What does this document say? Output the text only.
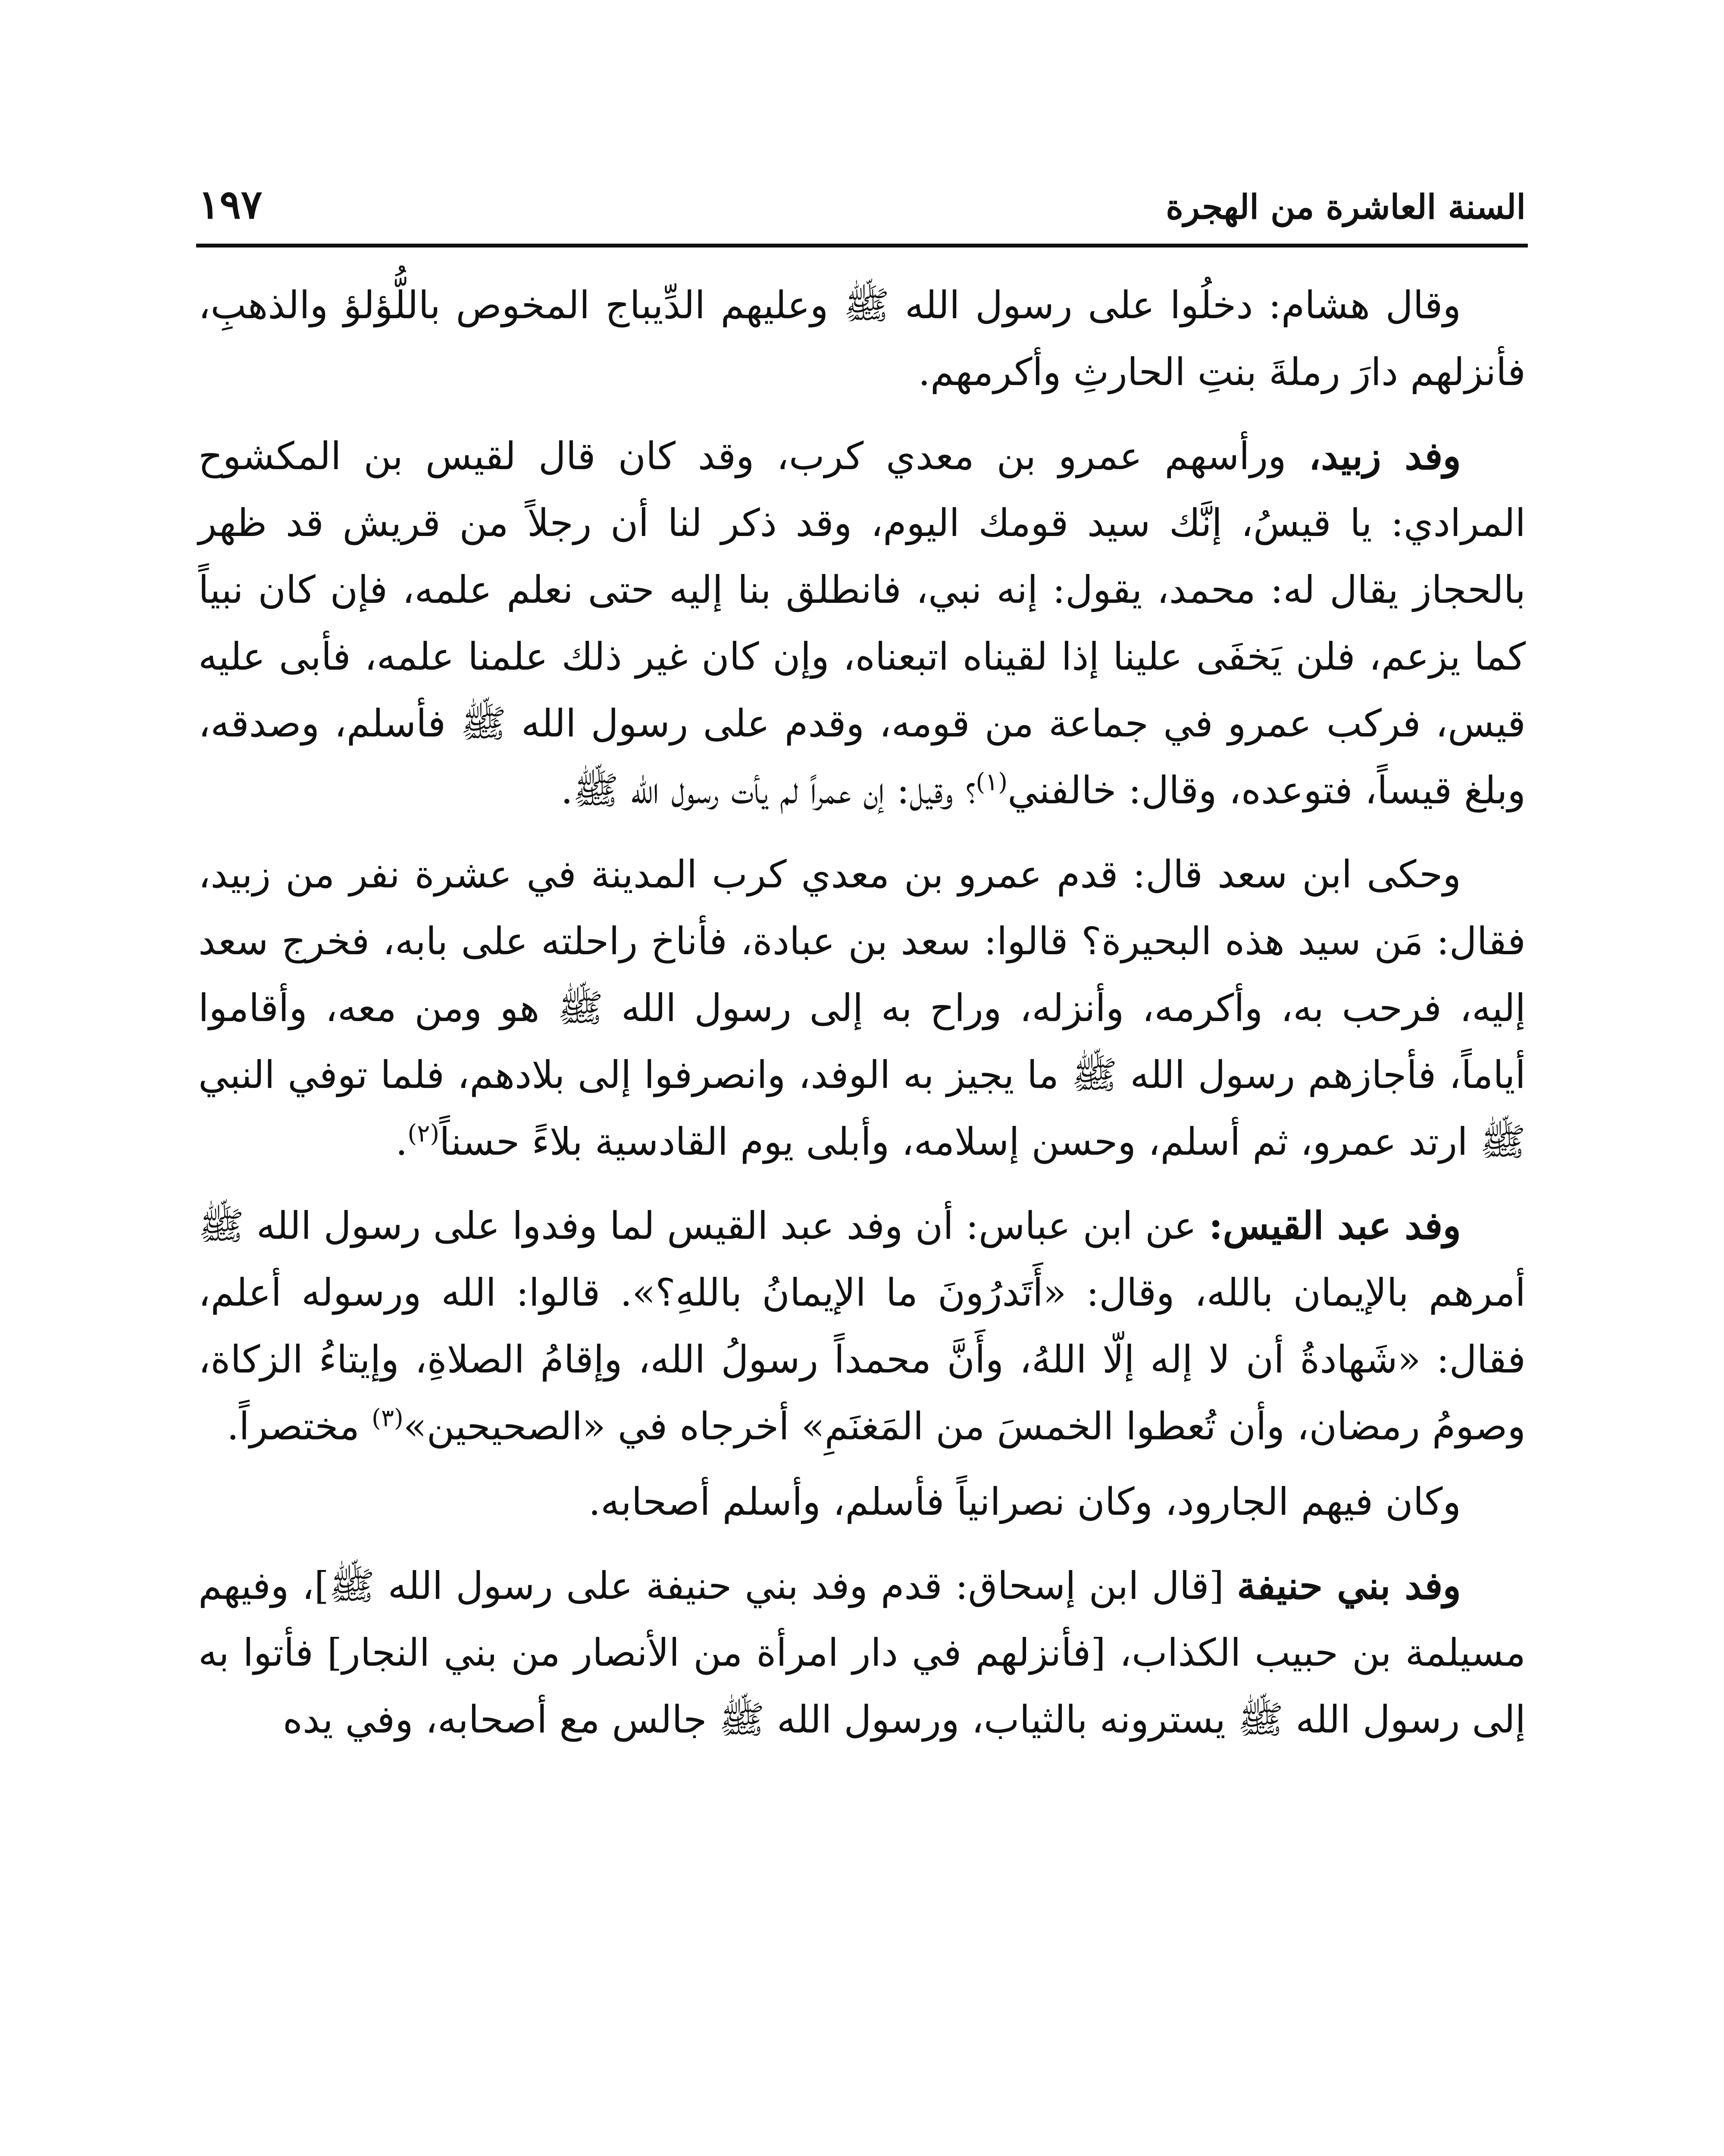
السنة العاشرة من الهجرة
١٩٧

وقال هشام: دخلُوا على رسول الله ﷺ وعليهم الدِّيباج المخوص باللُّؤلؤ والذهبِ، فأنزلهم دارَ رملةَ بنتِ الحارثِ وأكرمهم.

وفد زبيد، ورأسهم عمرو بن معدي كرب، وقد كان قال لقيس بن المكشوح المرادي: يا قيسُ، إنَّك سيد قومك اليوم، وقد ذكر لنا أن رجلاً من قريش قد ظهر بالحجاز يقال له: محمد، يقول: إنه نبي، فانطلق بنا إليه حتى نعلم علمه، فإن كان نبياً كما يزعم، فلن يَخفَى علينا إذا لقيناه اتبعناه، وإن كان غير ذلك علمنا علمه، فأبى عليه قيس، فركب عمرو في جماعة من قومه، وقدم على رسول الله ﷺ فأسلم، وصدقه، وبلغ قيساً، فتوعده، وقال: خالفني$^{(١)}$؟ وقيل: إن عمراً لم يأت رسول الله ﷺ.

وحكى ابن سعد قال: قدم عمرو بن معدي كرب المدينة في عشرة نفر من زبيد، فقال: مَن سيد هذه البحيرة؟ قالوا: سعد بن عبادة، فأناخ راحلته على بابه، فخرج سعد إليه، فرحب به، وأكرمه، وأنزله، وراح به إلى رسول الله ﷺ هو ومن معه، وأقاموا أياماً، فأجازهم رسول الله ﷺ ما يجيز به الوفد، وانصرفوا إلى بلادهم، فلما توفي النبي ﷺ ارتد عمرو، ثم أسلم، وحسن إسلامه، وأبلى يوم القادسية بلاءً حسناً$^{(٢)}$.

وفد عبد القيس: عن ابن عباس: أن وفد عبد القيس لما وفدوا على رسول الله ﷺ أمرهم بالإيمان بالله، وقال: «أَتَدرُونَ ما الإيمانُ باللهِ؟». قالوا: الله ورسوله أعلم، فقال: «شَهادةُ أن لا إله إلّا اللهُ، وأَنَّ محمداً رسولُ الله، وإقامُ الصلاةِ، وإيتاءُ الزكاة، وصومُ رمضان، وأن تُعطوا الخمسَ من المَغنَمِ» أخرجاه في «الصحيحين»$^{(٣)}$ مختصراً.

وكان فيهم الجارود، وكان نصرانياً فأسلم، وأسلم أصحابه.

وفد بني حنيفة [قال ابن إسحاق: قدم وفد بني حنيفة على رسول الله ﷺ]، وفيهم مسيلمة بن حبيب الكذاب، [فأنزلهم في دار امرأة من الأنصار من بني النجار] فأتوا به إلى رسول الله ﷺ يسترونه بالثياب، ورسول الله ﷺ جالس مع أصحابه، وفي يده
